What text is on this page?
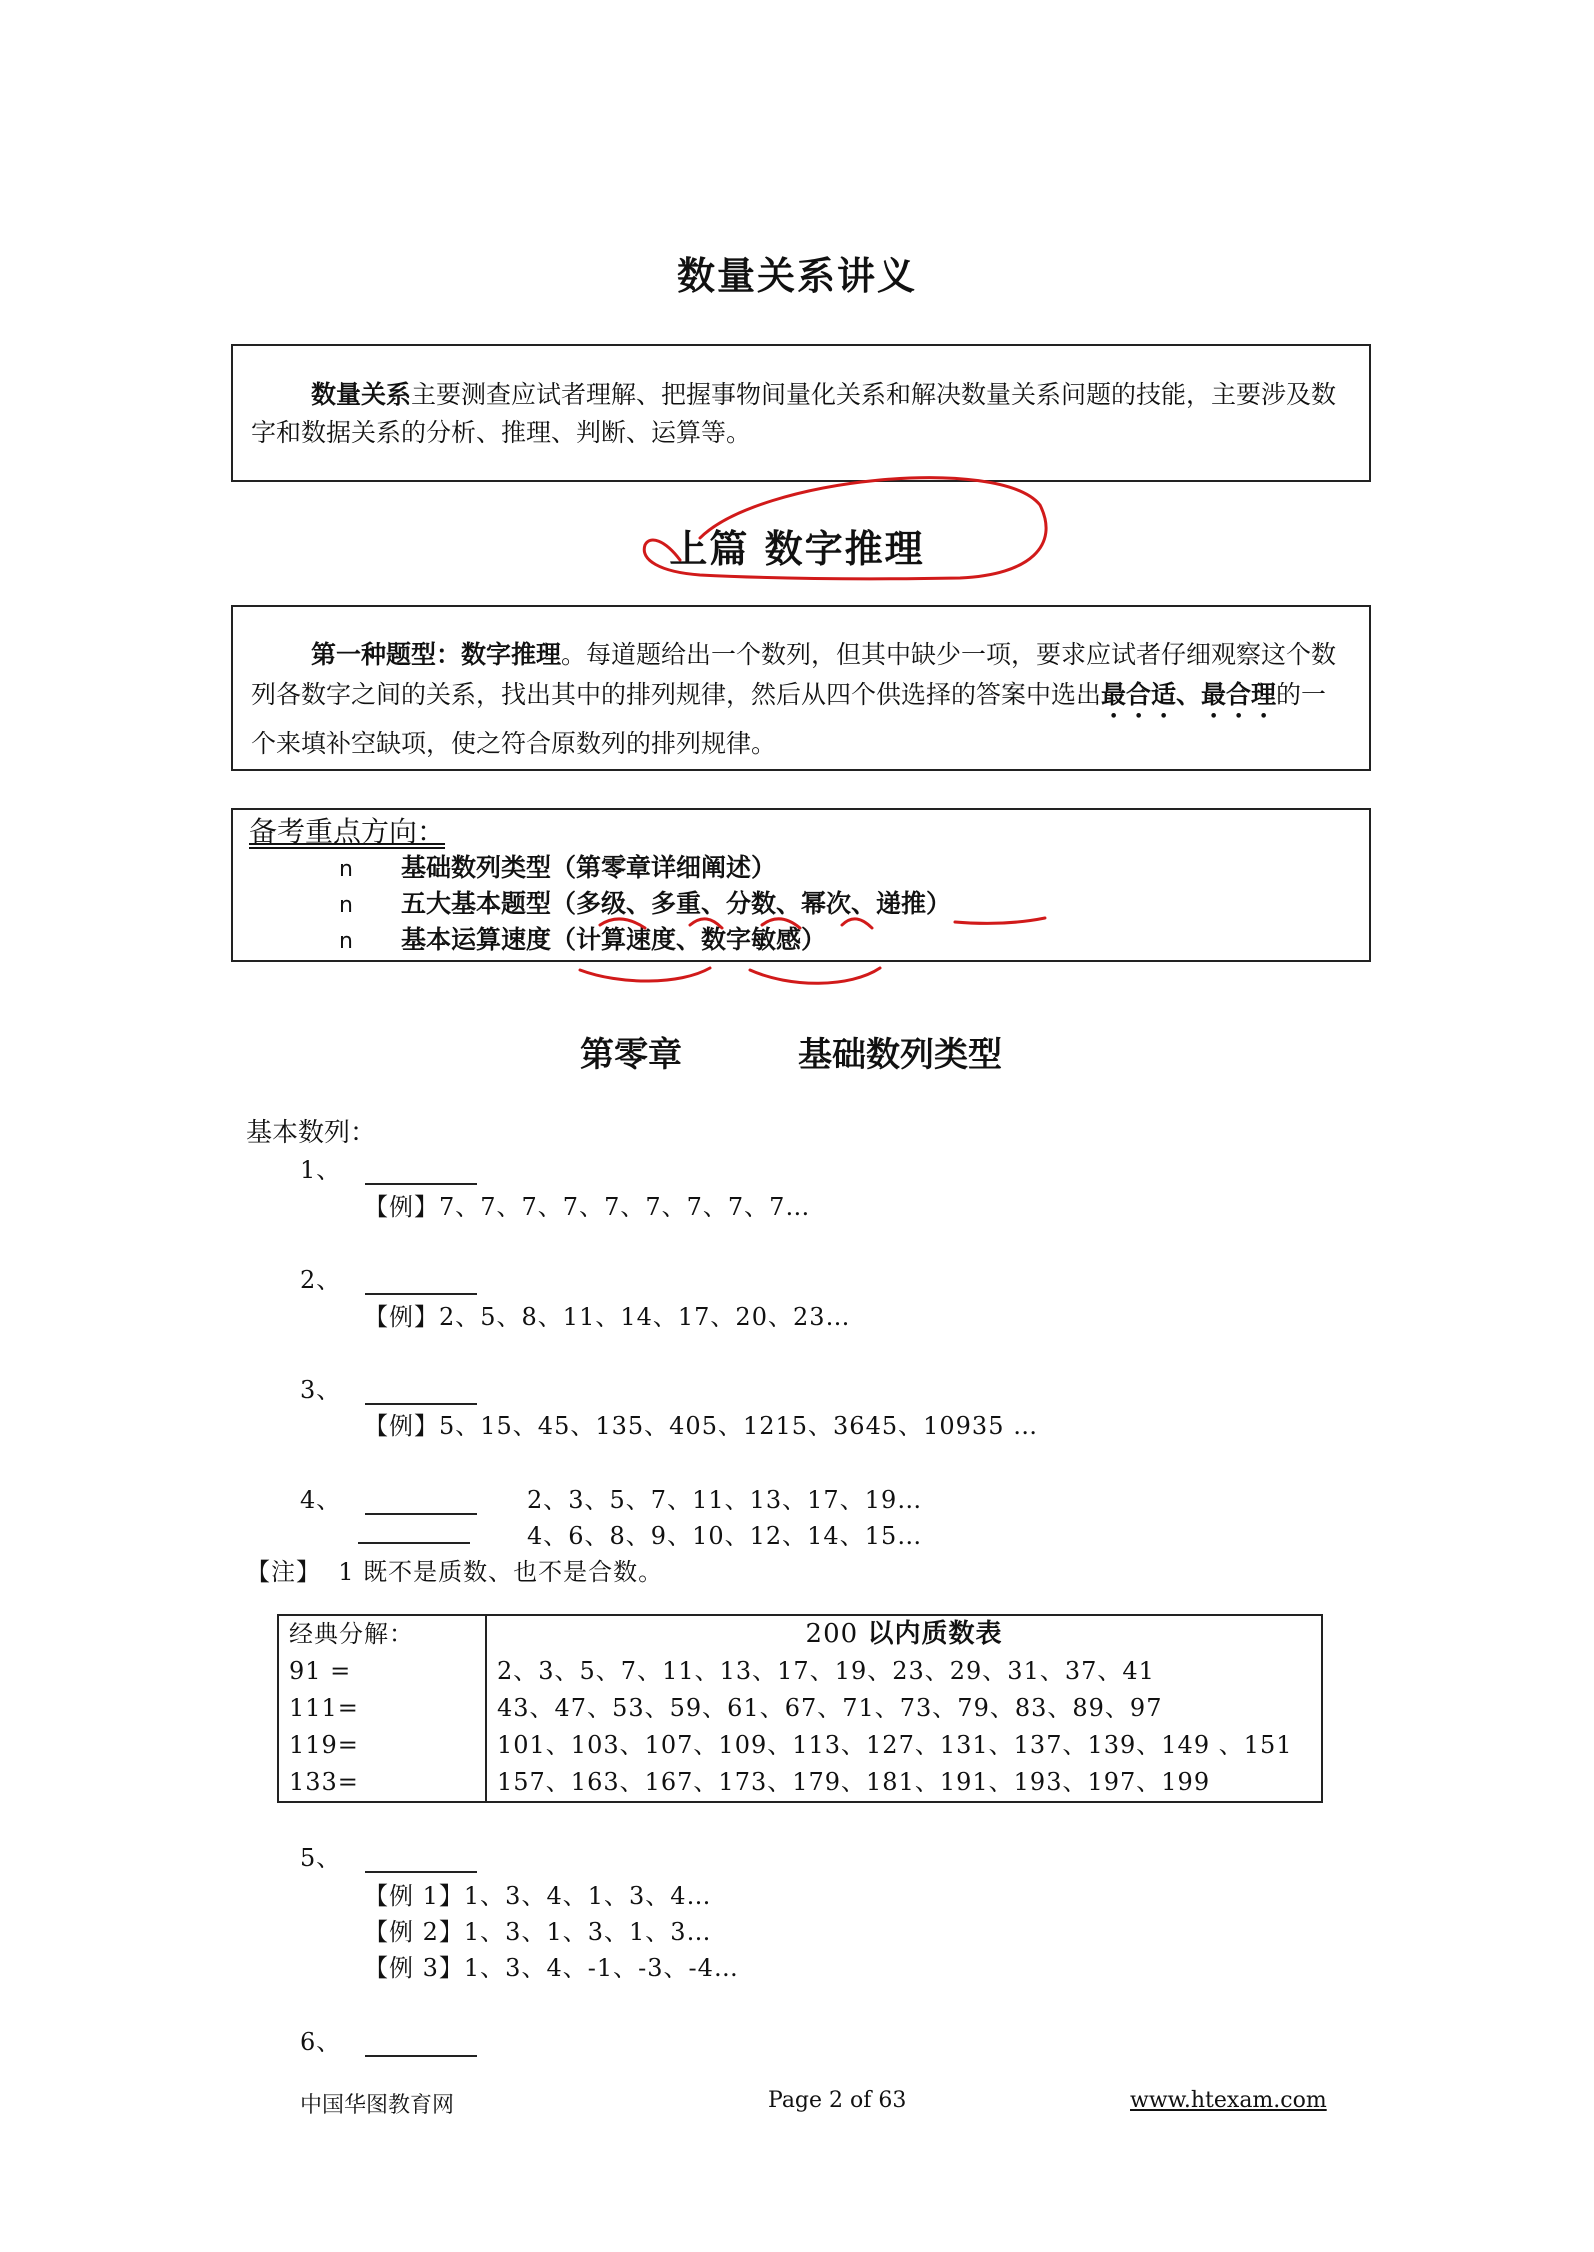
数量关系讲义

数量关系主要测查应试者理解、把握事物间量化关系和解决数量关系问题的技能，主要涉及数字和数据关系的分析、推理、判断、运算等。

上篇 数字推理

第一种题型：数字推理。每道题给出一个数列，但其中缺少一项，要求应试者仔细观察这个数列各数字之间的关系，找出其中的排列规律，然后从四个供选择的答案中选出最合适、最合理的一个来填补空缺项，使之符合原数列的排列规律。

备考重点方向：
n 基础数列类型（第零章详细阐述）
n 五大基本题型（多级、多重、分数、幂次、递推）
n 基本运算速度（计算速度、数字敏感）
第零章	基础数列类型
基本数列：
1、
【例】7、7、7、7、7、7、7、7、7…
2、
【例】2、5、8、11、14、17、20、23…
3、
【例】5、15、45、135、405、1215、3645、10935 …
4、	2、3、5、7、11、13、17、19…
4、6、8、9、10、12、14、15…
【注】 1 既不是质数、也不是合数。
经典分解：	200 以内质数表
91 =	2、3、5、7、11、13、17、19、23、29、31、37、41
111=	43、47、53、59、61、67、71、73、79、83、89、97
119=	101、103、107、109、113、127、131、137、139、149 、151
133=	157、163、167、173、179、181、191、193、197、199
5、
【例 1】1、3、4、1、3、4…
【例 2】1、3、1、3、1、3…
【例 3】1、3、4、-1、-3、-4…
6、
中国华图教育网	Page 2 of 63	www.htexam.com
